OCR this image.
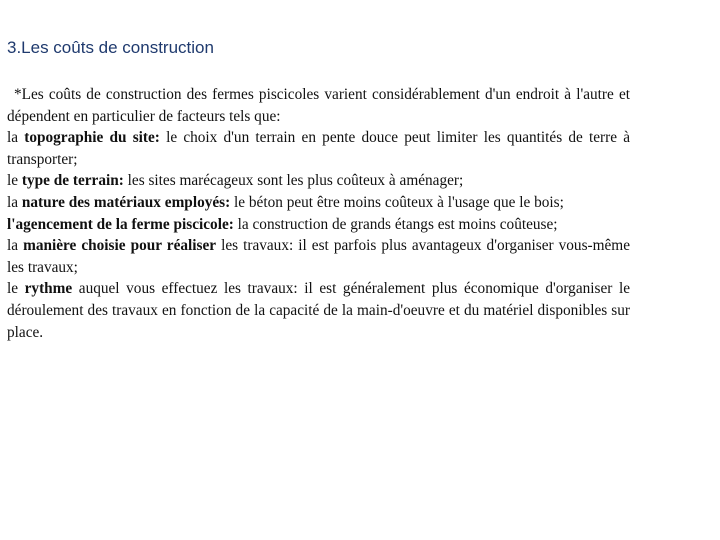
3.Les coûts de construction

*Les coûts de construction des fermes piscicoles varient considérablement d'un endroit à l'autre et dépendent en particulier de facteurs tels que:

la topographie du site: le choix d'un terrain en pente douce peut limiter les quantités de terre à transporter;

le type de terrain: les sites marécageux sont les plus coûteux à aménager;

la nature des matériaux employés: le béton peut être moins coûteux à l'usage que le bois;

l'agencement de la ferme piscicole: la construction de grands étangs est moins coûteuse;

la manière choisie pour réaliser les travaux: il est parfois plus avantageux d'organiser vous-même les travaux;

le rythme auquel vous effectuez les travaux: il est généralement plus économique d'organiser le déroulement des travaux en fonction de la capacité de la main-d'oeuvre et du matériel disponibles sur place.
